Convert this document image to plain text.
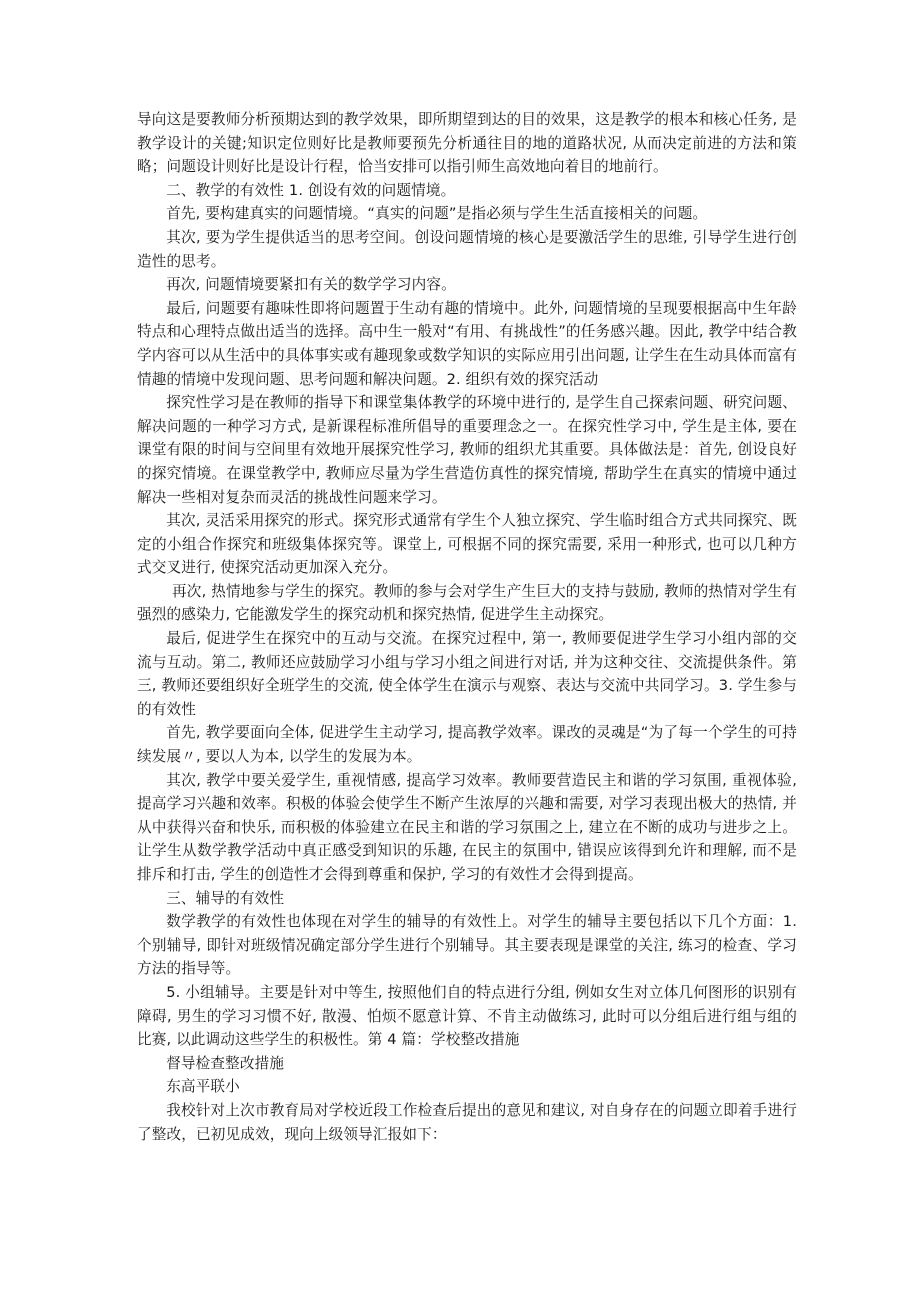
导向这是要教师分析预期达到的教学效果，即所期望到达的目的效果，这是教学的根本和核心任务, 是教学设计的关键;知识定位则好比是教师要预先分析通往目的地的道路状况, 从而决定前进的方法和策略；问题设计则好比是设计行程，恰当安排可以指引师生高效地向着目的地前行。

二、教学的有效性 1. 创设有效的问题情境。

首先, 要构建真实的问题情境。“真实的问题”是指必须与学生生活直接相关的问题。

其次, 要为学生提供适当的思考空间。创设问题情境的核心是要激活学生的思维, 引导学生进行创造性的思考。

再次, 问题情境要紧扣有关的数学学习内容。

最后, 问题要有趣味性即将问题置于生动有趣的情境中。此外, 问题情境的呈现要根据高中生年龄特点和心理特点做出适当的选择。高中生一般对“有用、有挑战性”的任务感兴趣。因此, 教学中结合教学内容可以从生活中的具体事实或有趣现象或数学知识的实际应用引出问题, 让学生在生动具体而富有情趣的情境中发现问题、思考问题和解决问题。2. 组织有效的探究活动

探究性学习是在教师的指导下和课堂集体教学的环境中进行的, 是学生自己探索问题、研究问题、解决问题的一种学习方式, 是新课程标准所倡导的重要理念之一。在探究性学习中, 学生是主体, 要在课堂有限的时间与空间里有效地开展探究性学习, 教师的组织尤其重要。具体做法是：首先, 创设良好的探究情境。在课堂教学中, 教师应尽量为学生营造仿真性的探究情境, 帮助学生在真实的情境中通过解决一些相对复杂而灵活的挑战性问题来学习。

其次, 灵活采用探究的形式。探究形式通常有学生个人独立探究、学生临时组合方式共同探究、既定的小组合作探究和班级集体探究等。课堂上, 可根据不同的探究需要, 采用一种形式, 也可以几种方式交叉进行, 使探究活动更加深入充分。

再次, 热情地参与学生的探究。教师的参与会对学生产生巨大的支持与鼓励, 教师的热情对学生有强烈的感染力, 它能激发学生的探究动机和探究热情, 促进学生主动探究。

最后, 促进学生在探究中的互动与交流。在探究过程中, 第一, 教师要促进学生学习小组内部的交流与互动。第二, 教师还应鼓励学习小组与学习小组之间进行对话, 并为这种交往、交流提供条件。第三, 教师还要组织好全班学生的交流, 使全体学生在演示与观察、表达与交流中共同学习。3. 学生参与的有效性

首先, 教学要面向全体, 促进学生主动学习, 提高教学效率。课改的灵魂是“为了每一个学生的可持续发展〃, 要以人为本, 以学生的发展为本。

其次, 教学中要关爱学生, 重视情感, 提高学习效率。教师要营造民主和谐的学习氛围, 重视体验, 提高学习兴趣和效率。积极的体验会使学生不断产生浓厚的兴趣和需要, 对学习表现出极大的热情, 并从中获得兴奋和快乐, 而积极的体验建立在民主和谐的学习氛围之上, 建立在不断的成功与进步之上。让学生从数学教学活动中真正感受到知识的乐趣, 在民主的氛围中, 错误应该得到允许和理解, 而不是排斥和打击, 学生的创造性才会得到尊重和保护, 学习的有效性才会得到提高。

三、辅导的有效性

数学教学的有效性也体现在对学生的辅导的有效性上。对学生的辅导主要包括以下几个方面：1. 个别辅导, 即针对班级情况确定部分学生进行个别辅导。其主要表现是课堂的关注, 练习的检查、学习方法的指导等。

5. 小组辅导。主要是针对中等生, 按照他们自的特点进行分组, 例如女生对立体几何图形的识别有障碍, 男生的学习习惯不好, 散漫、怕烦不愿意计算、不肯主动做练习, 此时可以分组后进行组与组的比赛, 以此调动这些学生的积极性。第 4 篇：学校整改措施

督导检查整改措施

东高平联小

我校针对上次市教育局对学校近段工作检查后提出的意见和建议, 对自身存在的问题立即着手进行了整改，已初见成效，现向上级领导汇报如下：
